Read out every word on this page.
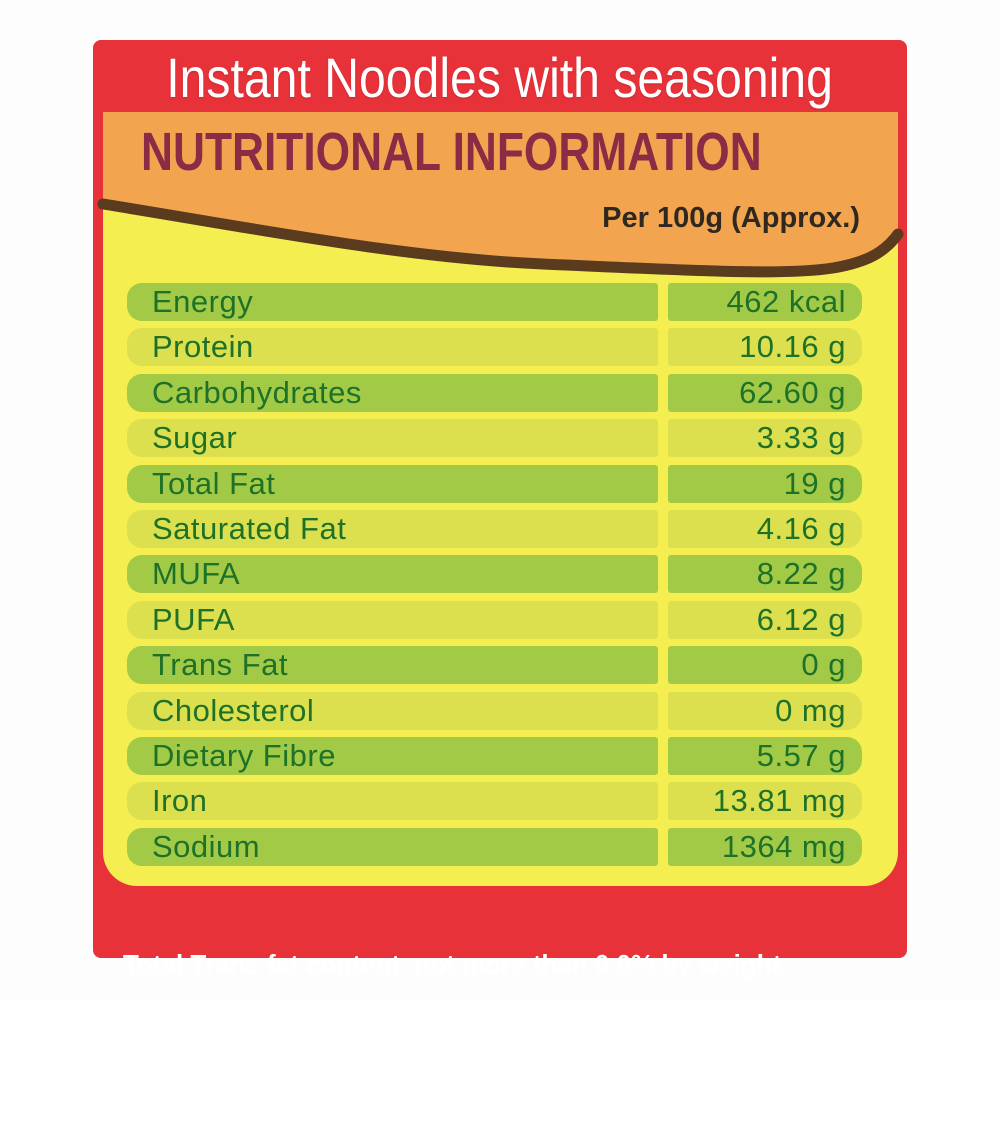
Instant Noodles with seasoning
NUTRITIONAL INFORMATION
Per 100g (Approx.)
Energy	462 kcal
Protein	10.16 g
Carbohydrates	62.60 g
Sugar	3.33 g
Total Fat	19 g
Saturated Fat	4.16 g
MUFA	8.22 g
PUFA	6.12 g
Trans Fat	0 g
Cholesterol	0 mg
Dietary Fibre	5.57 g
Iron	13.81 mg
Sodium	1364 mg

Total Trans fat content  not more than 0.0% by weight.

Total Saturated Fat content not more than 4.16% by weight.
